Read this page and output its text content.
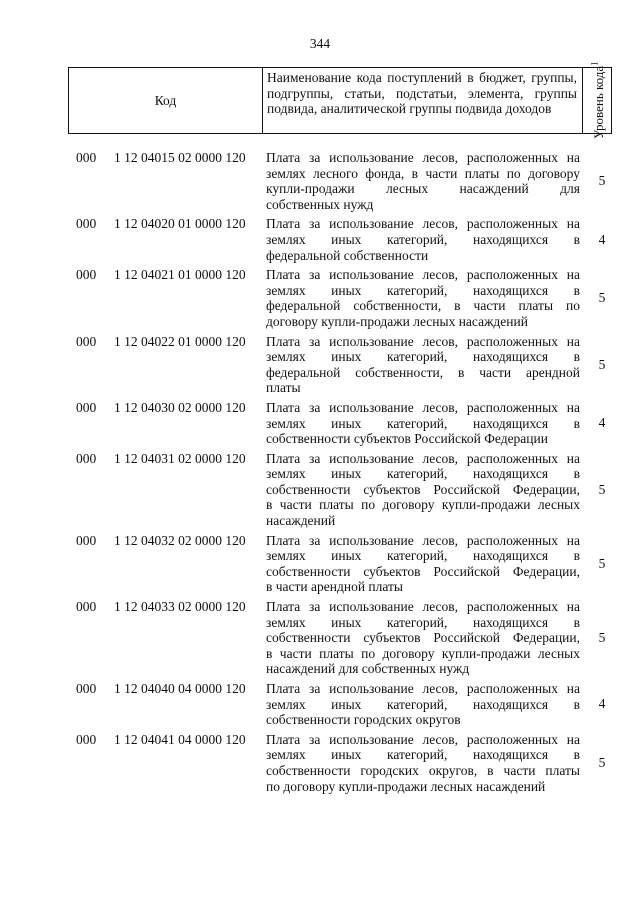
344
Код
Наименование кода поступлений в бюджет, группы, подгруппы, статьи, подстатьи, элемента, группы подвида, аналитической группы подвида доходов	Уровень кода$^1$
000	1 12 04015 02 0000 120	Плата за использование лесов, расположенных на
землях лесного фонда, в части платы по договору
купли-продажи лесных насаждений для
собственных нужд
5
000	1 12 04020 01 0000 120	Плата за использование лесов, расположенных на
землях иных категорий, находящихся в
федеральной собственности
4
000	1 12 04021 01 0000 120	Плата за использование лесов, расположенных на
землях иных категорий, находящихся в
федеральной собственности, в части платы по
договору купли-продажи лесных насаждений
5
000	1 12 04022 01 0000 120	Плата за использование лесов, расположенных на
землях иных категорий, находящихся в
федеральной собственности, в части арендной
платы
5
000	1 12 04030 02 0000 120	Плата за использование лесов, расположенных на
землях иных категорий, находящихся в
собственности субъектов Российской Федерации
4
000	1 12 04031 02 0000 120	Плата за использование лесов, расположенных на
землях иных категорий, находящихся в
собственности субъектов Российской Федерации,
в части платы по договору купли-продажи лесных
насаждений
5
000	1 12 04032 02 0000 120	Плата за использование лесов, расположенных на
землях иных категорий, находящихся в
собственности субъектов Российской Федерации,
в части арендной платы
5
000	1 12 04033 02 0000 120	Плата за использование лесов, расположенных на
землях иных категорий, находящихся в
собственности субъектов Российской Федерации,
в части платы по договору купли-продажи лесных
насаждений для собственных нужд
5
000	1 12 04040 04 0000 120	Плата за использование лесов, расположенных на
землях иных категорий, находящихся в
собственности городских округов
4
000	1 12 04041 04 0000 120	Плата за использование лесов, расположенных на
землях иных категорий, находящихся в
собственности городских округов, в части платы
по договору купли-продажи лесных насаждений
5
